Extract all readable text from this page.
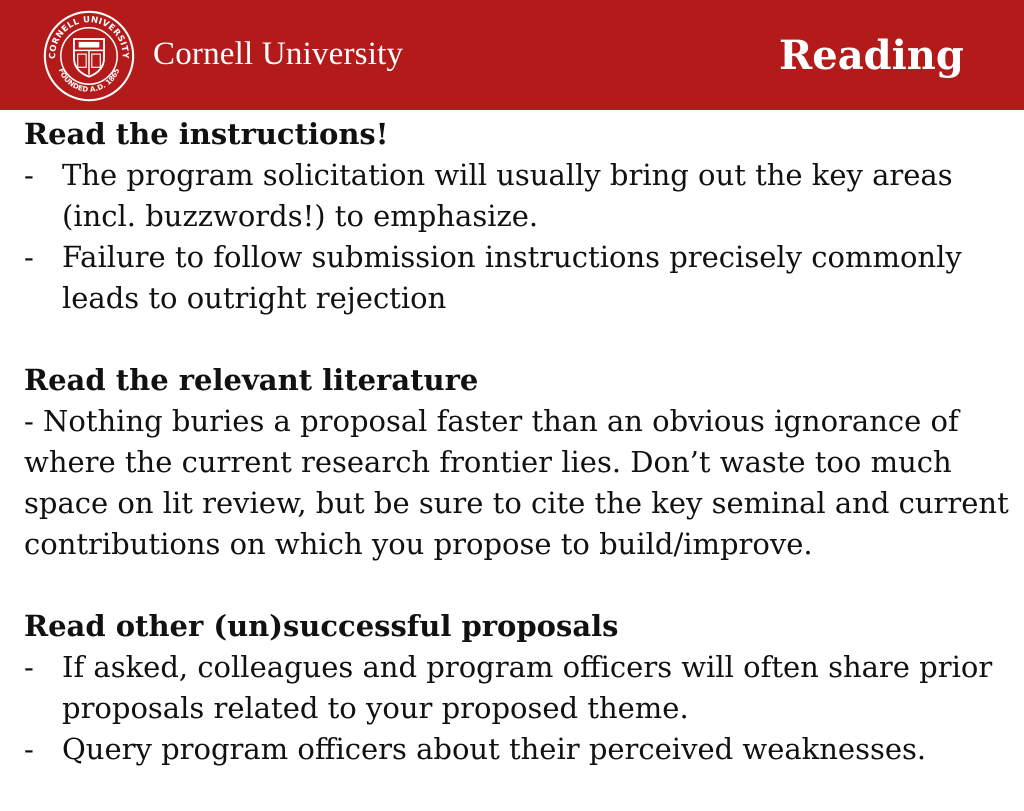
CORNELL UNIVERSITY
FOUNDED A.D. 1865 Cornell University	Reading
Read the instructions!
- The program solicitation will usually bring out the key areas (incl. buzzwords!) to emphasize.
- Failure to follow submission instructions precisely commonly leads to outright rejection
Read the relevant literature
- Nothing buries a proposal faster than an obvious ignorance of where the current research frontier lies. Don’t waste too much space on lit review, but be sure to cite the key seminal and current contributions on which you propose to build/improve.
Read other (un)successful proposals
- If asked, colleagues and program officers will often share prior proposals related to your proposed theme.
- Query program officers about their perceived weaknesses.
